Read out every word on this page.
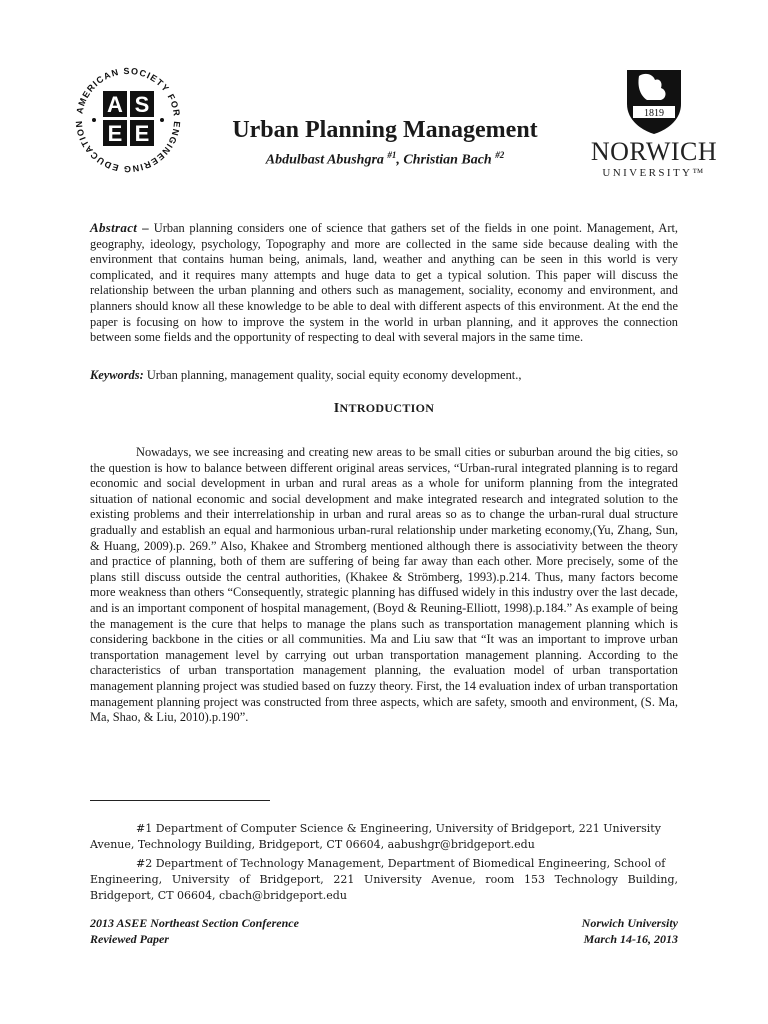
AMERICAN SOCIETY FOR ENGINEERING EDUCATION
A S
E E
1819
NORWICH
UNIVERSITY™
Urban Planning Management
Abdulbast Abushgra $^{\#1}$, Christian Bach $^{\#2}$
Abstract – Urban planning considers one of science that gathers set of the fields in one point. Management, Art, geography, ideology, psychology, Topography and more are collected in the same side because dealing with the environment that contains human being, animals, land, weather and anything can be seen in this world is very complicated, and it requires many attempts and huge data to get a typical solution. This paper will discuss the relationship between the urban planning and others such as management, sociality, economy and environment, and planners should know all these knowledge to be able to deal with different aspects of this environment. At the end the paper is focusing on how to improve the system in the world in urban planning, and it approves the connection between some fields and the opportunity of respecting to deal with several majors in the same time.
Keywords: Urban planning, management quality, social equity economy development.,
INTRODUCTION
Nowadays, we see increasing and creating new areas to be small cities or suburban around the big cities, so the question is how to balance between different original areas services, “Urban-rural integrated planning is to regard economic and social development in urban and rural areas as a whole for uniform planning from the integrated situation of national economic and social development and make integrated research and integrated solution to the existing problems and their interrelationship in urban and rural areas so as to change the urban-rural dual structure gradually and establish an equal and harmonious urban-rural relationship under marketing economy,(Yu, Zhang, Sun, & Huang, 2009).p. 269.” Also, Khakee and Stromberg mentioned although there is associativity between the theory and practice of planning, both of them are suffering of being far away than each other. More precisely, some of the plans still discuss outside the central authorities, (Khakee & Strömberg, 1993).p.214. Thus, many factors become more weakness than others “Consequently, strategic planning has diffused widely in this industry over the last decade, and is an important component of hospital management, (Boyd & Reuning-Elliott, 1998).p.184.” As example of being the management is the cure that helps to manage the plans such as transportation management planning which is considering backbone in the cities or all communities. Ma and Liu saw that “It was an important to improve urban transportation management level by carrying out urban transportation management planning. According to the characteristics of urban transportation management planning, the evaluation model of urban transportation management planning project was studied based on fuzzy theory. First, the 14 evaluation index of urban transportation management planning project was constructed from three aspects, which are safety, smooth and environment, (S. Ma, Ma, Shao, & Liu, 2010).p.190”.
#1 Department of Computer Science & Engineering, University of Bridgeport, 221 University
Avenue, Technology Building, Bridgeport, CT 06604, aabushgr@bridgeport.edu
#2 Department of Technology Management, Department of Biomedical Engineering, School of
Engineering, University of Bridgeport, 221 University Avenue, room 153 Technology Building, Bridgeport, CT 06604, cbach@bridgeport.edu
2013 ASEE Northeast Section Conference
Reviewed Paper
Norwich University
March 14-16, 2013
